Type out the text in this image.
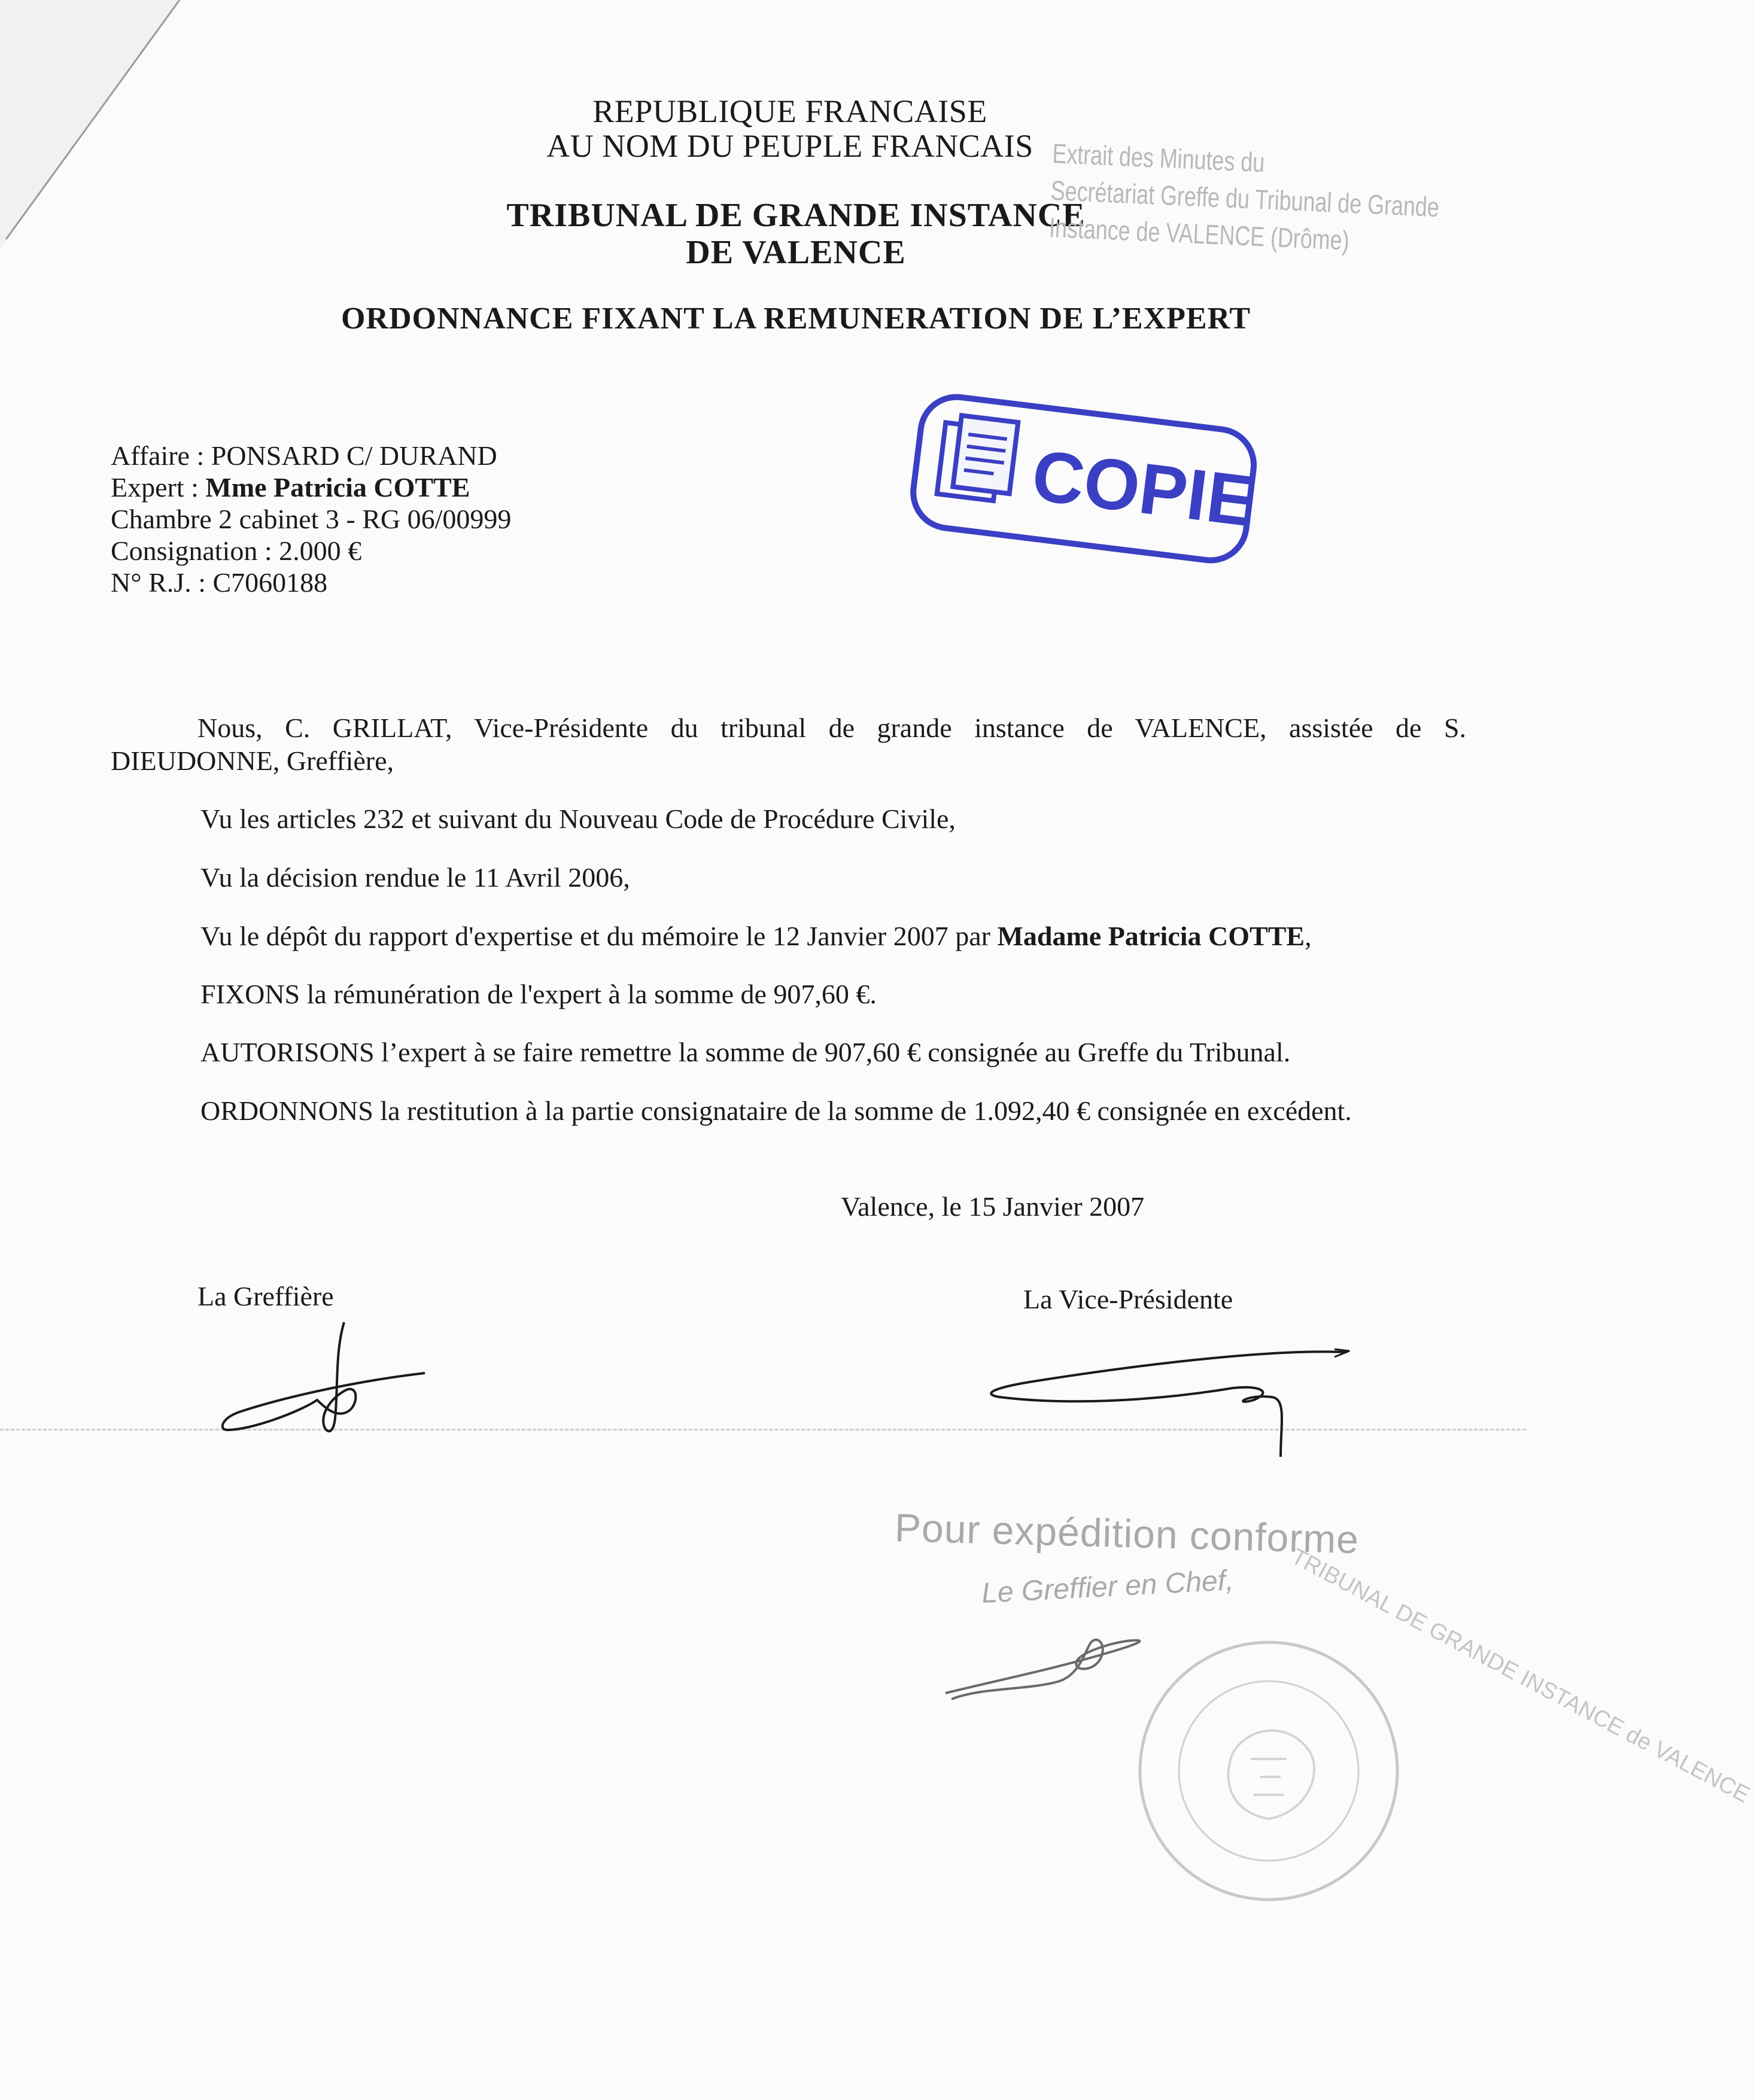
REPUBLIQUE FRANCAISE
AU NOM DU PEUPLE FRANCAIS
TRIBUNAL DE GRANDE INSTANCE
DE VALENCE
ORDONNANCE FIXANT LA REMUNERATION DE L’EXPERT
Extrait des Minutes du
Secrétariat Greffe du Tribunal de Grande
Instance de VALENCE (Drôme)
Affaire : PONSARD C/ DURAND
Expert : Mme Patricia COTTE
Chambre 2 cabinet 3 - RG 06/00999
Consignation : 2.000 €
N° R.J. : C7060188
COPIE
Nous, C. GRILLAT, Vice-Présidente du tribunal de grande instance de VALENCE, assistée de S.
DIEUDONNE, Greffière,
Vu les articles 232 et suivant du Nouveau Code de Procédure Civile,
Vu la décision rendue le 11 Avril 2006,
Vu le dépôt du rapport d'expertise et du mémoire le 12 Janvier 2007 par Madame Patricia COTTE,
FIXONS la rémunération de l'expert à la somme de 907,60 €.
AUTORISONS l’expert à se faire remettre la somme de 907,60 € consignée au Greffe du Tribunal.
ORDONNONS la restitution à la partie consignataire de la somme de 1.092,40 € consignée en excédent.
Valence, le 15 Janvier 2007
La Greffière	La Vice-Présidente
Pour expédition conforme
Le Greffier en Chef, TRIBUNAL DE GRANDE INSTANCE de VALENCE
